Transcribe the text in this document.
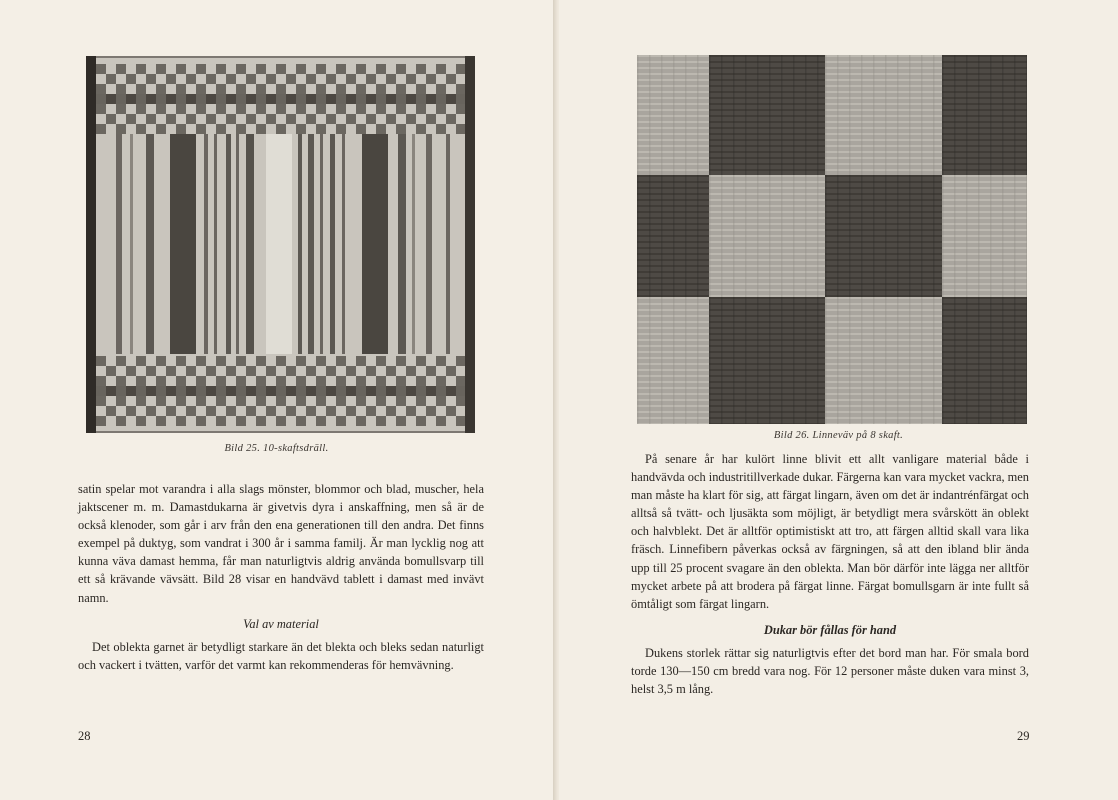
Bild 25. 10-skaftsdräll.

satin spelar mot varandra i alla slags mönster, blommor och blad, muscher, hela jaktscener m. m. Damastdukarna är givetvis dyra i anskaffning, men så är de också klenoder, som går i arv från den ena generationen till den andra. Det finns exempel på duktyg, som vandrat i 300 år i samma familj. Är man lycklig nog att kunna väva damast hemma, får man naturligtvis aldrig använda bomullsvarp till ett så krävande vävsätt. Bild 28 visar en handvävd tablett i damast med invävt namn.

Val av material

Det oblekta garnet är betydligt starkare än det blekta och bleks sedan naturligt och vackert i tvätten, varför det varmt kan rekommenderas för hemvävning.

28
Bild 26. Linneväv på 8 skaft.

På senare år har kulört linne blivit ett allt vanligare material både i handvävda och industritillverkade dukar. Färgerna kan vara mycket vackra, men man måste ha klart för sig, att färgat lingarn, även om det är indantrénfärgat och alltså så tvätt- och ljusäkta som möjligt, är betydligt mera svårskött än oblekt och halvblekt. Det är alltför optimistiskt att tro, att färgen alltid skall vara lika fräsch. Linnefibern påverkas också av färgningen, så att den ibland blir ända upp till 25 procent svagare än den oblekta. Man bör därför inte lägga ner alltför mycket arbete på att brodera på färgat linne. Färgat bomullsgarn är inte fullt så ömtåligt som färgat lingarn.

Dukar bör fållas för hand

Dukens storlek rättar sig naturligtvis efter det bord man har. För smala bord torde 130—150 cm bredd vara nog. För 12 personer måste duken vara minst 3, helst 3,5 m lång.

29
